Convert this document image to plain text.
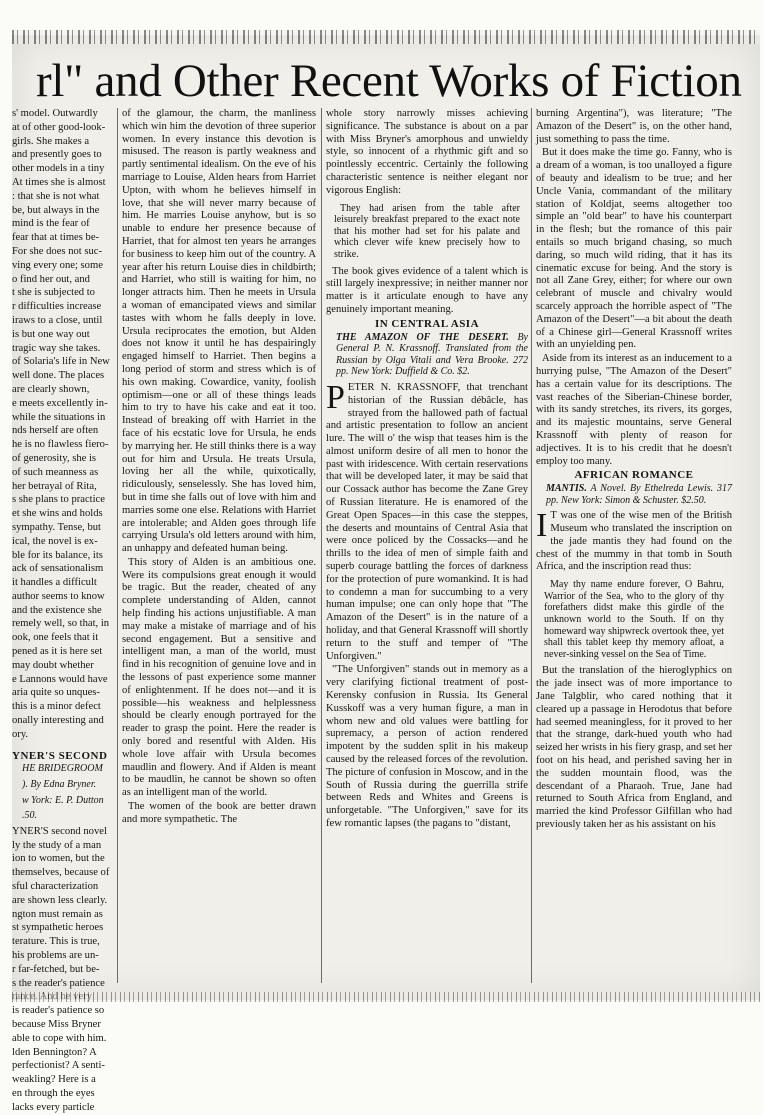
rl" and Other Recent Works of Fiction

s' model. Outwardly

at of other good-look-

girls. She makes a

and presently goes to

other models in a tiny

At times she is almost

: that she is not what

be, but always in the

mind is the fear of

fear that at times be-

For she does not suc-

ving every one; some

o find her out, and

t she is subjected to

r difficulties increase

iraws to a close, until

is but one way out

tragic way she takes.

of Solaria's life in New

well done. The places

are clearly shown,

e meets excellently in-

while the situations in

nds herself are often

he is no flawless fiero-

of generosity, she is

of such meanness as

her betrayal of Rita,

s she plans to practice

et she wins and holds

sympathy. Tense, but

ical, the novel is ex-

ble for its balance, its

ack of sensationalism

it handles a difficult

author seems to know

and the existence she

remely well, so that, in

ook, one feels that it

pened as it is here set

may doubt whether

e Lannons would have

aria quite so unques-

this is a minor defect

onally interesting and

ory.

YNER'S SECOND

HE BRIDEGROOM

). By Edna Bryner.

w York: E. P. Dutton

.50.

YNER'S second novel

ly the study of a man

ion to women, but the

themselves, because of

sful characterization

are shown less clearly.

ngton must remain as

st sympathetic heroes

terature. This is true,

his problems are un-

r far-fetched, but be-

s the reader's patience

is reader's patience so

because Miss Bryner

able to cope with him.

lden Bennington? A

perfectionist? A senti-

weakling? Here is a

en through the eyes

lacks every particle

of the glamour, the charm, the manliness which win him the devotion of three superior women. In every instance this devotion is misused. The reason is partly weakness and partly sentimental idealism. On the eve of his marriage to Louise, Alden hears from Harriet Upton, with whom he believes himself in love, that she will never marry because of him. He marries Louise anyhow, but is so unable to endure her presence because of Harriet, that for almost ten years he arranges for business to keep him out of the country. A year after his return Louise dies in childbirth; and Harriet, who still is waiting for him, no longer attracts him. Then he meets in Ursula a woman of emancipated views and similar tastes with whom he falls deeply in love. Ursula reciprocates the emotion, but Alden does not know it until he has despairingly engaged himself to Harriet. Then begins a long period of storm and stress which is of his own making. Cowardice, vanity, foolish optimism—one or all of these things leads him to try to have his cake and eat it too. Instead of breaking off with Harriet in the face of his ecstatic love for Ursula, he ends by marrying her. He still thinks there is a way out for him and Ursula. He treats Ursula, loving her all the while, quixotically, ridiculously, senselessly. She has loved him, but in time she falls out of love with him and marries some one else. Relations with Harriet are intolerable; and Alden goes through life carrying Ursula's old letters around with him, an unhappy and defeated human being.

This story of Alden is an ambitious one. Were its compulsions great enough it would be tragic. But the reader, cheated of any complete understanding of Alden, cannot help finding his actions unjustifiable. A man may make a mistake of marriage and of his second engagement. But a sensitive and intelligent man, a man of the world, must find in his recognition of genuine love and in the lessons of past experience some manner of enlightenment. If he does not—and it is possible—his weakness and helplessness should be clearly enough portrayed for the reader to grasp the point. Here the reader is only bored and resentful with Alden. His whole love affair with Ursula becomes maudlin and flowery. And if Alden is meant to be maudlin, he cannot be shown so often as an intelligent man of the world.

The women of the book are better drawn and more sympathetic. The

whole story narrowly misses achieving significance. The substance is about on a par with Miss Bryner's amorphous and unwieldy style, so innocent of a rhythmic gift and so pointlessly eccentric. Certainly the following characteristic sentence is neither elegant nor vigorous English:

They had arisen from the table after leisurely breakfast prepared to the exact note that his mother had set for his palate and which clever wife knew precisely how to strike.

The book gives evidence of a talent which is still largely inexpressive; in neither manner nor matter is it articulate enough to have any genuinely important meaning.

IN CENTRAL ASIA

THE AMAZON OF THE DESERT. By General P. N. Krassnoff. Translated from the Russian by Olga Vitali and Vera Brooke. 272 pp. New York: Duffield & Co. $2.

PETER N. KRASSNOFF, that trenchant historian of the Russian débâcle, has strayed from the hallowed path of factual and artistic presentation to follow an ancient lure. The will o' the wisp that teases him is the almost uniform desire of all men to honor the past with iridescence. With certain reservations that will be developed later, it may be said that our Cossack author has become the Zane Grey of Russian literature. He is enamored of the Great Open Spaces—in this case the steppes, the deserts and mountains of Central Asia that were once policed by the Cossacks—and he thrills to the idea of men of simple faith and superb courage battling the forces of darkness for the protection of pure womankind. It is had to condemn a man for succumbing to a very human impulse; one can only hope that "The Amazon of the Desert" is in the nature of a holiday, and that General Krassnoff will shortly return to the stuff and temper of "The Unforgiven."

"The Unforgiven" stands out in memory as a very clarifying fictional treatment of post-Kerensky confusion in Russia. Its General Kusskoff was a very human figure, a man in whom new and old values were battling for supremacy, a person of action rendered impotent by the sudden split in his makeup caused by the released forces of the revolution. The picture of confusion in Moscow, and in the South of Russia during the guerrilla strife between Reds and Whites and Greens is unforgetable. "The Unforgiven," save for its few romantic lapses (the pagans to "distant,

burning Argentina"), was literature; "The Amazon of the Desert" is, on the other hand, just something to pass the time.

But it does make the time go. Fanny, who is a dream of a woman, is too unalloyed a figure of beauty and idealism to be true; and her Uncle Vania, commandant of the military station of Koldjat, seems altogether too simple an "old bear" to have his counterpart in the flesh; but the romance of this pair entails so much brigand chasing, so much daring, so much wild riding, that it has its cinematic excuse for being. And the story is not all Zane Grey, either; for where our own celebrant of muscle and chivalry would scarcely approach the horrible aspect of "The Amazon of the Desert"—a bit about the death of a Chinese girl—General Krassnoff writes with an unyielding pen.

Aside from its interest as an inducement to a hurrying pulse, "The Amazon of the Desert" has a certain value for its descriptions. The vast reaches of the Siberian-Chinese border, with its sandy stretches, its rivers, its gorges, and its majestic mountains, serve General Krassnoff with plenty of reason for adjectives. It is to his credit that he doesn't employ too many.

AFRICAN ROMANCE

MANTIS. A Novel. By Ethelreda Lewis. 317 pp. New York: Simon & Schuster. $2.50.

I T was one of the wise men of the British Museum who translated the inscription on the jade mantis they had found on the chest of the mummy in that tomb in South Africa, and the inscription read thus:

May thy name endure forever, O Bahru, Warrior of the Sea, who to the glory of thy forefathers didst make this girdle of the unknown world to the South. If on thy homeward way shipwreck overtook thee, yet shall this tablet keep thy memory afloat, a never-sinking vessel on the Sea of Time.

But the translation of the hieroglyphics on the jade insect was of more importance to Jane Talgblir, who cared nothing that it cleared up a passage in Herodotus that before had seemed meaningless, for it proved to her that the strange, dark-hued youth who had seized her wrists in his fiery grasp, and set her foot on his head, and perished saving her in the sudden mountain flood, was the descendant of a Pharaoh. True, Jane had returned to South Africa from England, and married the kind Professor Gilfillan who had previously taken her as his assistant on his
